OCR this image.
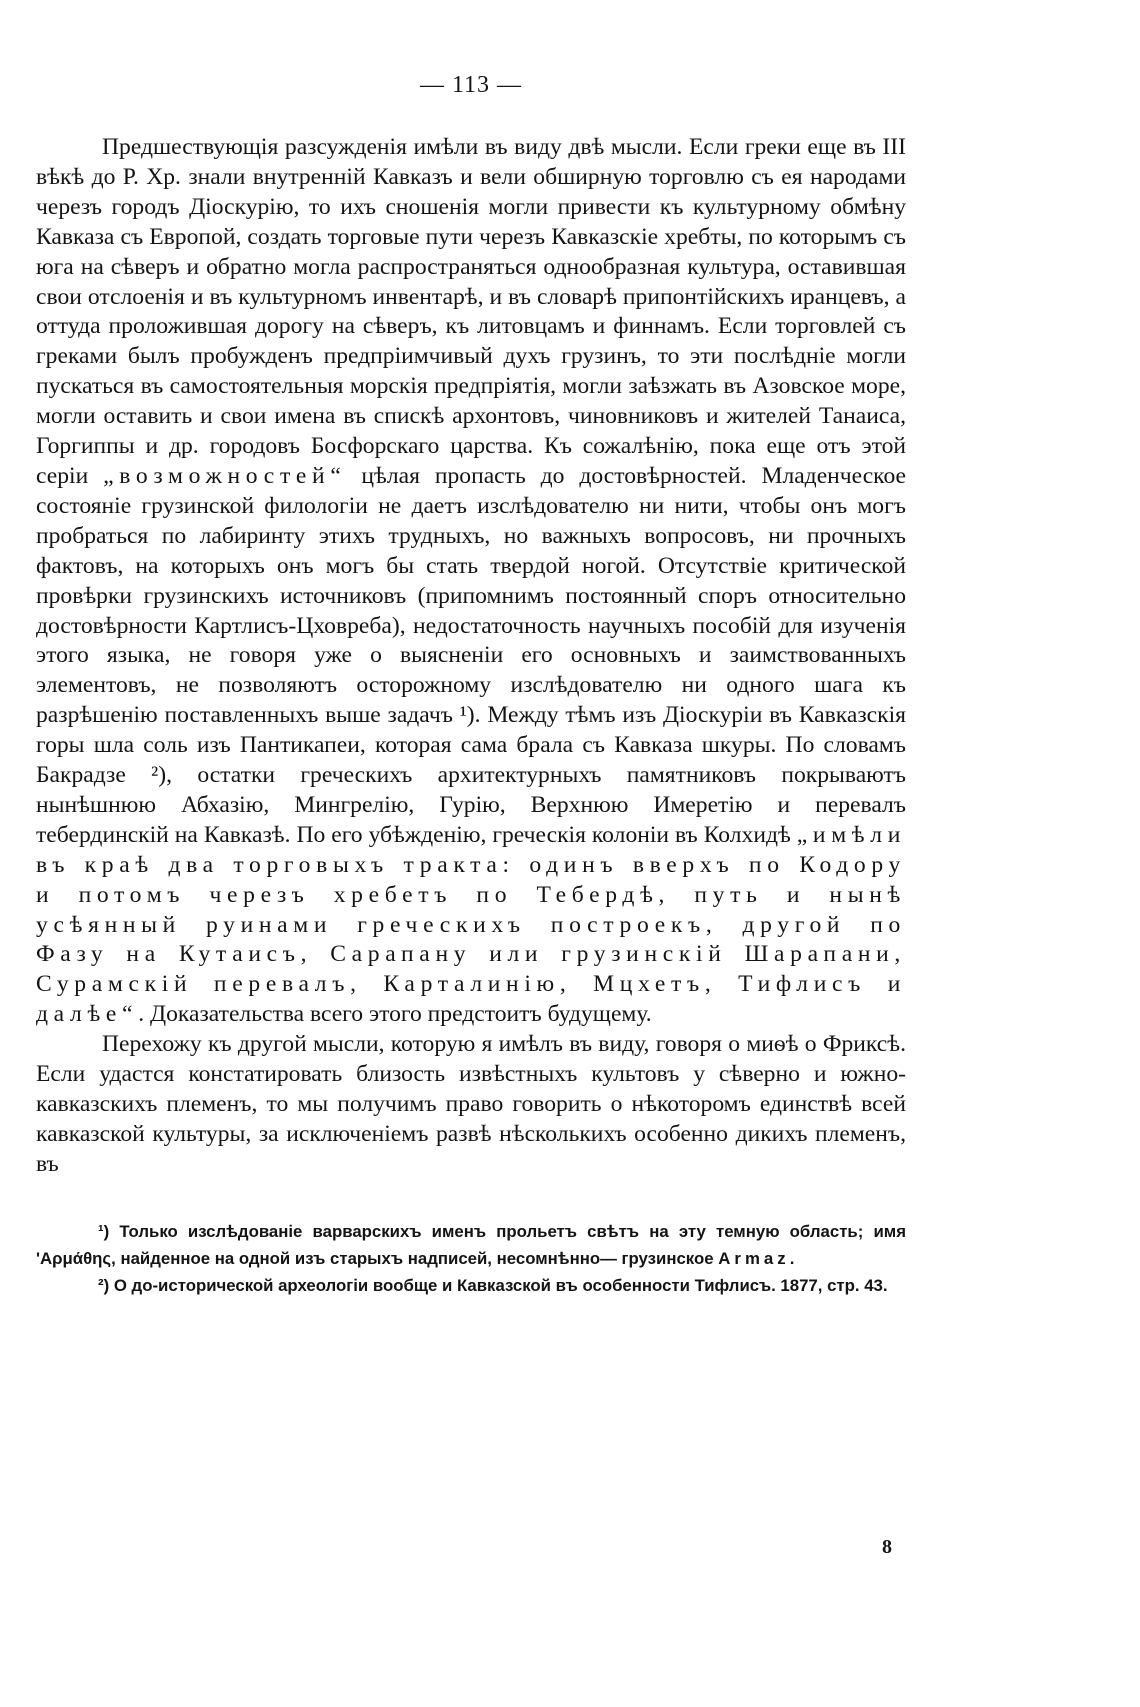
— 113 —

Предшествующія разсужденія имѣли въ виду двѣ мысли. Если греки еще въ III вѣкѣ до Р. Хр. знали внутренній Кавказъ и вели обширную торговлю съ ея народами черезъ городъ Діоскурію, то ихъ сношенія могли привести къ культурному обмѣну Кавказа съ Европой, создать торговые пути черезъ Кавказскіе хребты, по которымъ съ юга на сѣверъ и обратно могла распространяться однообразная культура, оставившая свои отслоенія и въ культурномъ инвентарѣ, и въ словарѣ припонтійскихъ иранцевъ, а оттуда проложившая дорогу на сѣверъ, къ литовцамъ и финнамъ. Если торговлей съ греками былъ пробужденъ предпріимчивый духъ грузинъ, то эти послѣдніе могли пускаться въ самостоятельныя морскія предпріятія, могли заѣзжать въ Азовское море, могли оставить и свои имена въ спискѣ архонтовъ, чиновниковъ и жителей Танаиса, Горгиппы и др. городовъ Босфорскаго царства. Къ сожалѣнію, пока еще отъ этой серіи „возможностей“ цѣлая пропасть до достовѣрностей. Младенческое состояніе грузинской филологіи не даетъ изслѣдователю ни нити, чтобы онъ могъ пробраться по лабиринту этихъ трудныхъ, но важныхъ вопросовъ, ни прочныхъ фактовъ, на которыхъ онъ могъ бы стать твердой ногой. Отсутствіе критической провѣрки грузинскихъ источниковъ (припомнимъ постоянный споръ относительно достовѣрности Картлисъ-Цховреба), недостаточность научныхъ пособій для изученія этого языка, не говоря уже о выясненіи его основныхъ и заимствованныхъ элементовъ, не позволяютъ осторожному изслѣдователю ни одного шага къ разрѣшенію поставленныхъ выше задачъ ¹). Между тѣмъ изъ Діоскуріи въ Кавказскія горы шла соль изъ Пантикапеи, которая сама брала съ Кавказа шкуры. По словамъ Бакрадзе ²), остатки греческихъ архитектурныхъ памятниковъ покрываютъ нынѣшнюю Абхазію, Мингрелію, Гурію, Верхнюю Имеретію и перевалъ тебердинскій на Кавказѣ. По его убѣжденію, греческія колоніи въ Колхидѣ „имѣли въ краѣ два торговыхъ тракта: одинъ вверхъ по Кодору и потомъ черезъ хребетъ по Тебердѣ, путь и нынѣ усѣянный руинами греческихъ построекъ, другой по Фазу на Кутаисъ, Сарапану или грузинскій Шарапани, Сурамскій перевалъ, Карталинію, Мцхетъ, Тифлисъ и далѣе“. Доказательства всего этого предстоитъ будущему.

Перехожу къ другой мысли, которую я имѣлъ въ виду, говоря о миѳѣ о Фриксѣ. Если удастся констатировать близость извѣстныхъ культовъ у сѣверно и южно-кавказскихъ племенъ, то мы получимъ право говорить о нѣкоторомъ единствѣ всей кавказской культуры, за исключеніемъ развѣ нѣсколькихъ особенно дикихъ племенъ, въ

¹) Только изслѣдованіе варварскихъ именъ прольетъ свѣтъ на эту темную область; имя 'Αρμάθης, найденное на одной изъ старыхъ надписей, несомнѣнно— грузинское Armaz.

²) О до-исторической археологіи вообще и Кавказской въ особенности Тифлисъ. 1877, стр. 43.

8
